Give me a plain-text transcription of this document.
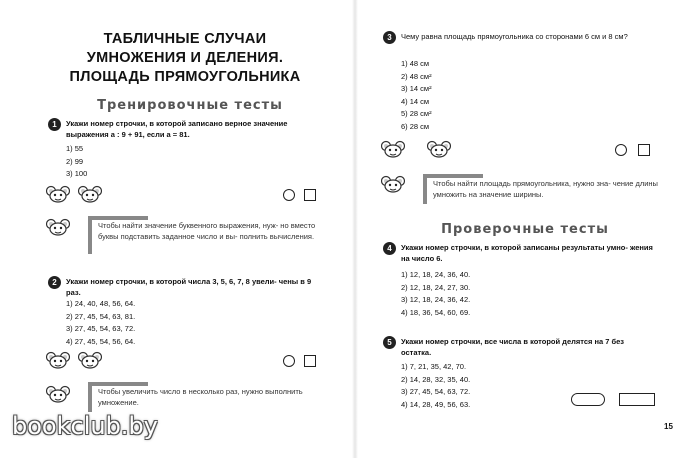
ТАБЛИЧНЫЕ СЛУЧАИ
УМНОЖЕНИЯ И ДЕЛЕНИЯ.
ПЛОЩАДЬ ПРЯМОУГОЛЬНИКА
Тренировочные тесты
1	Укажи номер строчки, в которой записано верное значение выражения a : 9 + 91, если a = 81.
1) 55
2) 99
3) 100
Чтобы найти значение буквенного выражения, нуж- но вместо буквы подставить заданное число и вы- полнить вычисления.
2	Укажи номер строчки, в которой числа 3, 5, 6, 7, 8 увели- чены в 9 раз.
1) 24, 40, 48, 56, 64.
2) 27, 45, 54, 63, 81.
3) 27, 45, 54, 63, 72.
4) 27, 45, 54, 56, 64.
Чтобы увеличить число в несколько раз, нужно выполнить умножение.
3	Чему равна площадь прямоугольника со сторонами 6 см и 8 см?
1) 48 см
2) 48 см²
3) 14 см²
4) 14 см
5) 28 см²
6) 28 см
Чтобы найти площадь прямоугольника, нужно зна- чение длины умножить на значение ширины.
Проверочные тесты
4	Укажи номер строчки, в которой записаны результаты умно- жения на число 6.
1) 12, 18, 24, 36, 40.
2) 12, 18, 24, 27, 30.
3) 12, 18, 24, 36, 42.
4) 18, 36, 54, 60, 69.
5	Укажи номер строчки, все числа в которой делятся на 7 без остатка.
1) 7, 21, 35, 42, 70.
2) 14, 28, 32, 35, 40.
3) 27, 45, 54, 63, 72.
4) 14, 28, 49, 56, 63.
bookclub.by	15
